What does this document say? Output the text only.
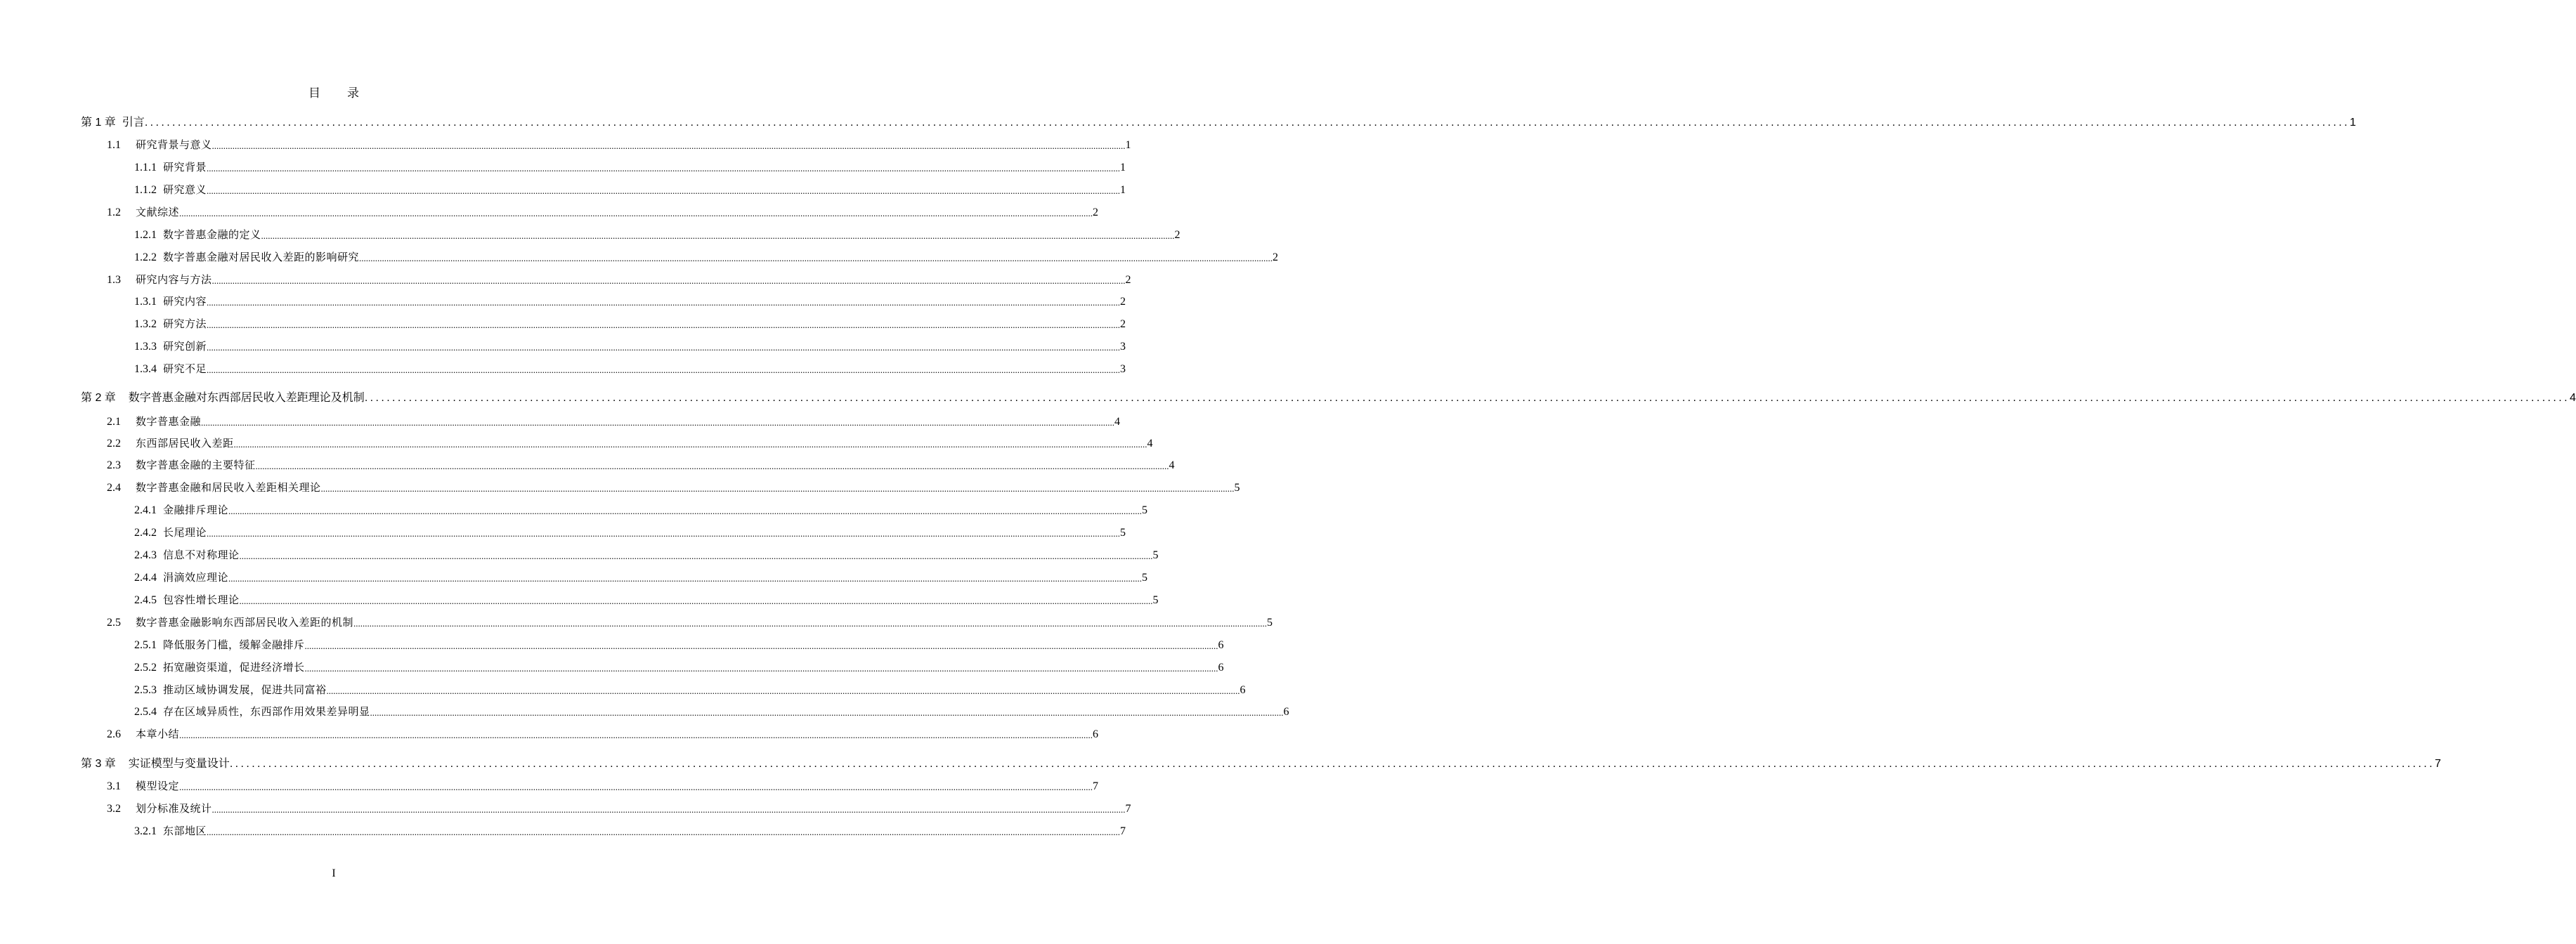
目 录
第 1 章 引言 ................................................................................................................................................................................................................................................................................................................................................................................................................ 1
1.1 研究背景与意义 ................................................................................................................................................................................................................................................................................................................................................................................................................ 1
1.1.1 研究背景 ................................................................................................................................................................................................................................................................................................................................................................................................................ 1
1.1.2 研究意义 ................................................................................................................................................................................................................................................................................................................................................................................................................ 1
1.2 文献综述 ................................................................................................................................................................................................................................................................................................................................................................................................................ 2
1.2.1 数字普惠金融的定义 ................................................................................................................................................................................................................................................................................................................................................................................................................ 2
1.2.2 数字普惠金融对居民收入差距的影响研究 ................................................................................................................................................................................................................................................................................................................................................................................................................ 2
1.3 研究内容与方法 ................................................................................................................................................................................................................................................................................................................................................................................................................ 2
1.3.1 研究内容 ................................................................................................................................................................................................................................................................................................................................................................................................................ 2
1.3.2 研究方法 ................................................................................................................................................................................................................................................................................................................................................................................................................ 2
1.3.3 研究创新 ................................................................................................................................................................................................................................................................................................................................................................................................................ 3
1.3.4 研究不足 ................................................................................................................................................................................................................................................................................................................................................................................................................ 3
第 2 章 数字普惠金融对东西部居民收入差距理论及机制 ................................................................................................................................................................................................................................................................................................................................................................................................................ 4
2.1 数字普惠金融 ................................................................................................................................................................................................................................................................................................................................................................................................................ 4
2.2 东西部居民收入差距 ................................................................................................................................................................................................................................................................................................................................................................................................................ 4
2.3 数字普惠金融的主要特征 ................................................................................................................................................................................................................................................................................................................................................................................................................ 4
2.4 数字普惠金融和居民收入差距相关理论 ................................................................................................................................................................................................................................................................................................................................................................................................................ 5
2.4.1 金融排斥理论 ................................................................................................................................................................................................................................................................................................................................................................................................................ 5
2.4.2 长尾理论 ................................................................................................................................................................................................................................................................................................................................................................................................................ 5
2.4.3 信息不对称理论 ................................................................................................................................................................................................................................................................................................................................................................................................................ 5
2.4.4 涓滴效应理论 ................................................................................................................................................................................................................................................................................................................................................................................................................ 5
2.4.5 包容性增长理论 ................................................................................................................................................................................................................................................................................................................................................................................................................ 5
2.5 数字普惠金融影响东西部居民收入差距的机制 ................................................................................................................................................................................................................................................................................................................................................................................................................ 5
2.5.1 降低服务门槛，缓解金融排斥 ................................................................................................................................................................................................................................................................................................................................................................................................................ 6
2.5.2 拓宽融资渠道，促进经济增长 ................................................................................................................................................................................................................................................................................................................................................................................................................ 6
2.5.3 推动区域协调发展，促进共同富裕 ................................................................................................................................................................................................................................................................................................................................................................................................................ 6
2.5.4 存在区域异质性，东西部作用效果差异明显 ................................................................................................................................................................................................................................................................................................................................................................................................................ 6
2.6 本章小结 ................................................................................................................................................................................................................................................................................................................................................................................................................ 6
第 3 章 实证模型与变量设计 ................................................................................................................................................................................................................................................................................................................................................................................................................ 7
3.1 模型设定 ................................................................................................................................................................................................................................................................................................................................................................................................................ 7
3.2 划分标准及统计 ................................................................................................................................................................................................................................................................................................................................................................................................................ 7
3.2.1 东部地区 ................................................................................................................................................................................................................................................................................................................................................................................................................ 7
I
